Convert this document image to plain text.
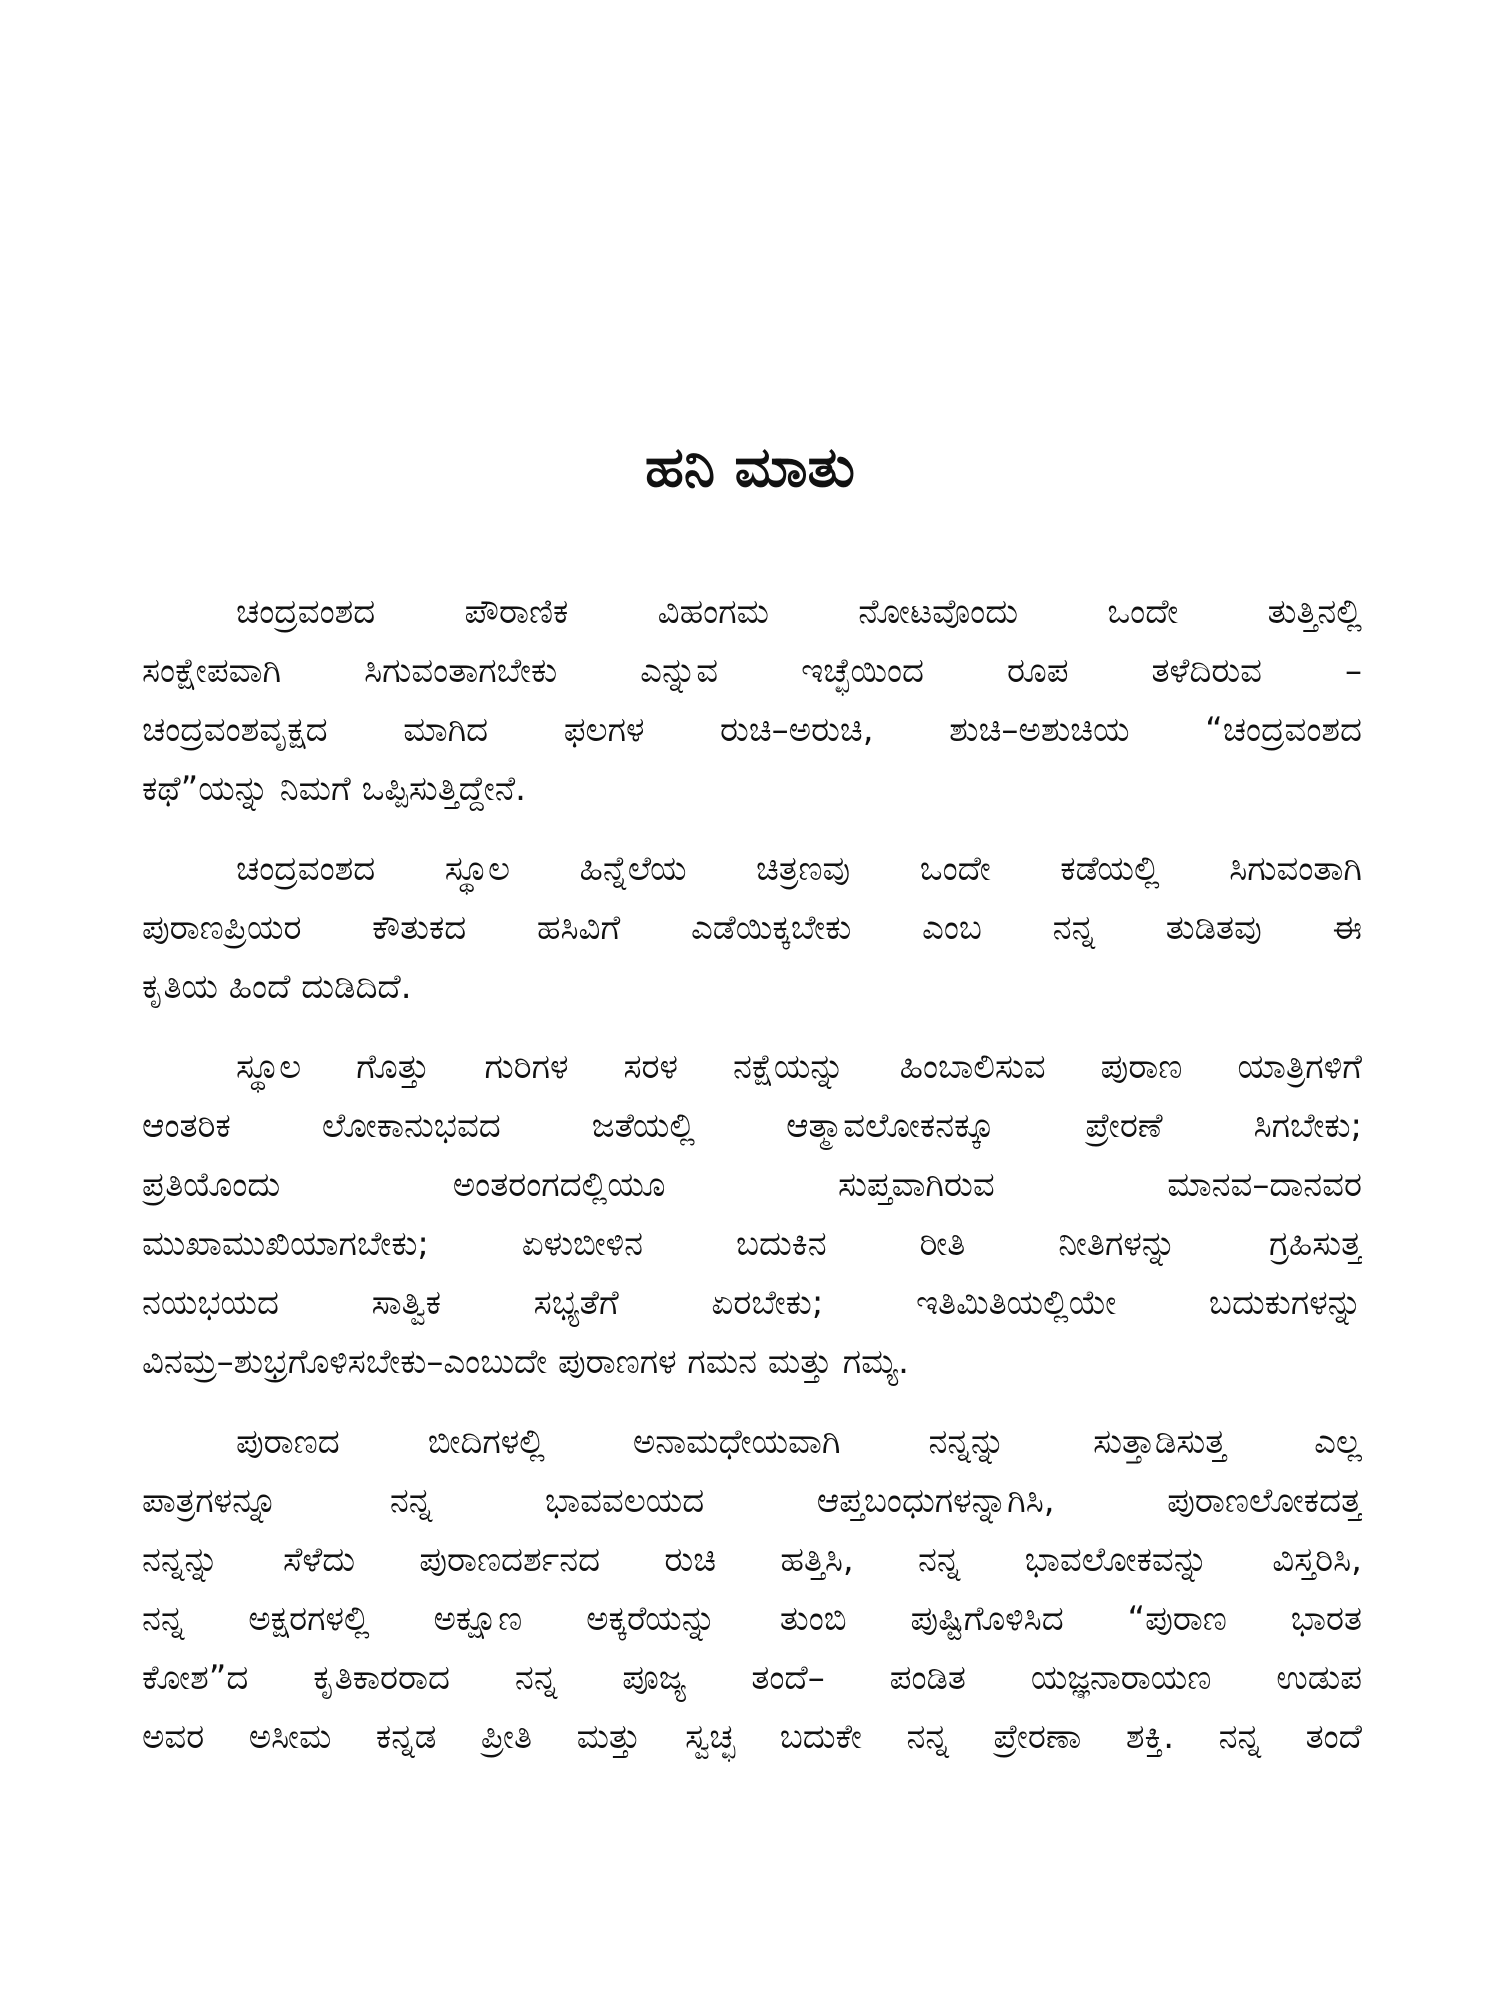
ಹನಿ ಮಾತು

ಚಂದ್ರವಂಶದ ಪೌರಾಣಿಕ ವಿಹಂಗಮ ನೋಟವೊಂದು ಒಂದೇ ತುತ್ತಿನಲ್ಲಿ
ಸಂಕ್ಷೇಪವಾಗಿ ಸಿಗುವಂತಾಗಬೇಕು ಎನ್ನುವ ಇಚ್ಛೆಯಿಂದ ರೂಪ ತಳೆದಿರುವ –
ಚಂದ್ರವಂಶವೃಕ್ಷದ ಮಾಗಿದ ಫಲಗಳ ರುಚಿ–ಅರುಚಿ, ಶುಚಿ–ಅಶುಚಿಯ “ಚಂದ್ರವಂಶದ
ಕಥೆ”ಯನ್ನು ನಿಮಗೆ ಒಪ್ಪಿಸುತ್ತಿದ್ದೇನೆ.

ಚಂದ್ರವಂಶದ ಸ್ಥೂಲ ಹಿನ್ನೆಲೆಯ ಚಿತ್ರಣವು ಒಂದೇ ಕಡೆಯಲ್ಲಿ ಸಿಗುವಂತಾಗಿ
ಪುರಾಣಪ್ರಿಯರ ಕೌತುಕದ ಹಸಿವಿಗೆ ಎಡೆಯಿಕ್ಕಬೇಕು ಎಂಬ ನನ್ನ ತುಡಿತವು ಈ
ಕೃತಿಯ ಹಿಂದೆ ದುಡಿದಿದೆ.

ಸ್ಥೂಲ ಗೊತ್ತು ಗುರಿಗಳ ಸರಳ ನಕ್ಷೆಯನ್ನು ಹಿಂಬಾಲಿಸುವ ಪುರಾಣ ಯಾತ್ರಿಗಳಿಗೆ
ಆಂತರಿಕ ಲೋಕಾನುಭವದ ಜತೆಯಲ್ಲಿ ಆತ್ಮಾವಲೋಕನಕ್ಕೂ ಪ್ರೇರಣೆ ಸಿಗಬೇಕು;
ಪ್ರತಿಯೊಂದು ಅಂತರಂಗದಲ್ಲಿಯೂ ಸುಪ್ತವಾಗಿರುವ ಮಾನವ–ದಾನವರ
ಮುಖಾಮುಖಿಯಾಗಬೇಕು; ಏಳುಬೀಳಿನ ಬದುಕಿನ ರೀತಿ ನೀತಿಗಳನ್ನು ಗ್ರಹಿಸುತ್ತ
ನಯಭಯದ ಸಾತ್ವಿಕ ಸಭ್ಯತೆಗೆ ಏರಬೇಕು; ಇತಿಮಿತಿಯಲ್ಲಿಯೇ ಬದುಕುಗಳನ್ನು
ವಿನಮ್ರ–ಶುಭ್ರಗೊಳಿಸಬೇಕು–ಎಂಬುದೇ ಪುರಾಣಗಳ ಗಮನ ಮತ್ತು ಗಮ್ಯ.

ಪುರಾಣದ ಬೀದಿಗಳಲ್ಲಿ ಅನಾಮಧೇಯವಾಗಿ ನನ್ನನ್ನು ಸುತ್ತಾಡಿಸುತ್ತ ಎಲ್ಲ
ಪಾತ್ರಗಳನ್ನೂ ನನ್ನ ಭಾವವಲಯದ ಆಪ್ತಬಂಧುಗಳನ್ನಾಗಿಸಿ, ಪುರಾಣಲೋಕದತ್ತ
ನನ್ನನ್ನು ಸೆಳೆದು ಪುರಾಣದರ್ಶನದ ರುಚಿ ಹತ್ತಿಸಿ, ನನ್ನ ಭಾವಲೋಕವನ್ನು ವಿಸ್ತರಿಸಿ,
ನನ್ನ ಅಕ್ಷರಗಳಲ್ಲಿ ಅಕ್ಷೂಣ ಅಕ್ಕರೆಯನ್ನು ತುಂಬಿ ಪುಷ್ಟಿಗೊಳಿಸಿದ “ಪುರಾಣ ಭಾರತ
ಕೋಶ”ದ ಕೃತಿಕಾರರಾದ ನನ್ನ ಪೂಜ್ಯ ತಂದೆ– ಪಂಡಿತ ಯಜ್ಞನಾರಾಯಣ ಉಡುಪ
ಅವರ ಅಸೀಮ ಕನ್ನಡ ಪ್ರೀತಿ ಮತ್ತು ಸ್ವಚ್ಛ ಬದುಕೇ ನನ್ನ ಪ್ರೇರಣಾ ಶಕ್ತಿ. ನನ್ನ ತಂದೆ
